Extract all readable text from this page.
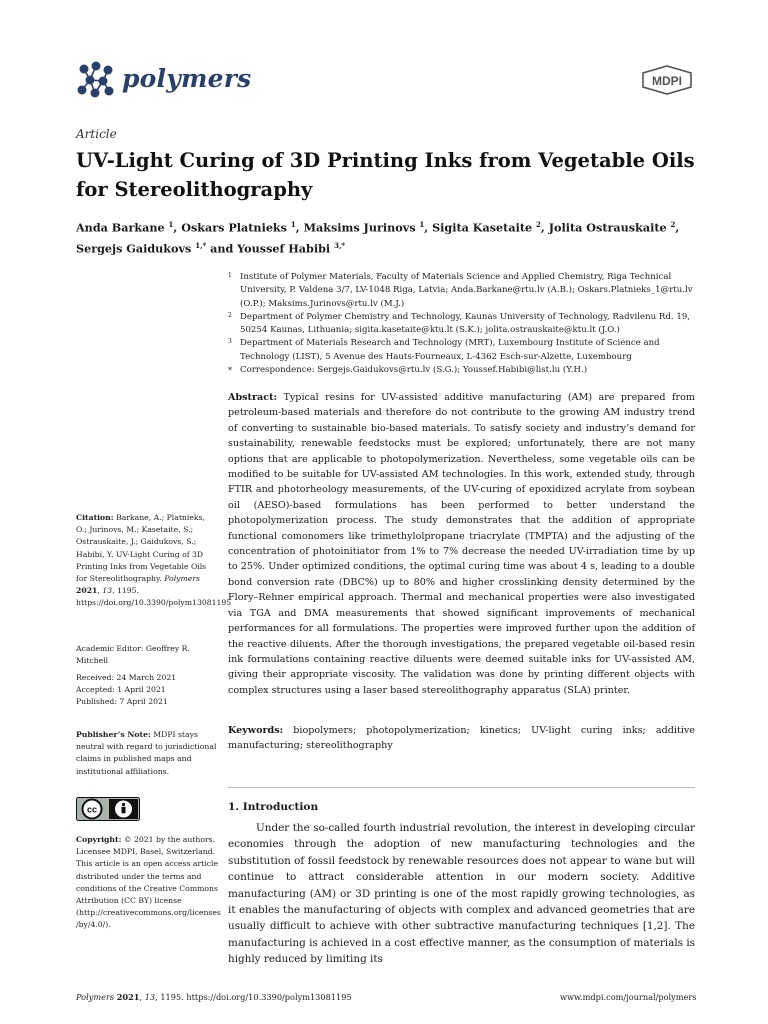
polymers	MDPI
Article
UV-Light Curing of 3D Printing Inks from Vegetable Oils for Stereolithography
Anda Barkane $^1$, Oskars Platnieks $^1$, Maksims Jurinovs $^1$, Sigita Kasetaite $^2$, Jolita Ostrauskaite $^2$,
Sergejs Gaidukovs $^{1,*}$ and Youssef Habibi $^{3,*}$
1 Institute of Polymer Materials, Faculty of Materials Science and Applied Chemistry, Riga Technical University, P. Valdena 3/7, LV-1048 Riga, Latvia; Anda.Barkane@rtu.lv (A.B.); Oskars.Platnieks_1@rtu.lv (O.P.); Maksims.Jurinovs@rtu.lv (M.J.)
2 Department of Polymer Chemistry and Technology, Kaunas University of Technology, Radvilenu Rd. 19, 50254 Kaunas, Lithuania; sigita.kasetaite@ktu.lt (S.K.); jolita.ostrauskaite@ktu.lt (J.O.)
3 Department of Materials Research and Technology (MRT), Luxembourg Institute of Science and Technology (LIST), 5 Avenue des Hauts-Fourneaux, L-4362 Esch-sur-Alzette, Luxembourg
* Correspondence: Sergejs.Gaidukovs@rtu.lv (S.G.); Youssef.Habibi@list.lu (Y.H.)
Abstract: Typical resins for UV-assisted additive manufacturing (AM) are prepared from petroleum-based materials and therefore do not contribute to the growing AM industry trend of converting to sustainable bio-based materials. To satisfy society and industry’s demand for sustainability, renewable feedstocks must be explored; unfortunately, there are not many options that are applicable to photopolymerization. Nevertheless, some vegetable oils can be modified to be suitable for UV-assisted AM technologies. In this work, extended study, through FTIR and photorheology measurements, of the UV-curing of epoxidized acrylate from soybean oil (AESO)-based formulations has been performed to better understand the photopolymerization process. The study demonstrates that the addition of appropriate functional comonomers like trimethylolpropane triacrylate (TMPTA) and the adjusting of the concentration of photoinitiator from 1% to 7% decrease the needed UV-irradiation time by up to 25%. Under optimized conditions, the optimal curing time was about 4 s, leading to a double bond conversion rate (DBC%) up to 80% and higher crosslinking density determined by the Flory–Rehner empirical approach. Thermal and mechanical properties were also investigated via TGA and DMA measurements that showed significant improvements of mechanical performances for all formulations. The properties were improved further upon the addition of the reactive diluents. After the thorough investigations, the prepared vegetable oil-based resin ink formulations containing reactive diluents were deemed suitable inks for UV-assisted AM, giving their appropriate viscosity. The validation was done by printing different objects with complex structures using a laser based stereolithography apparatus (SLA) printer.
Keywords: biopolymers; photopolymerization; kinetics; UV-light curing inks; additive manufacturing; stereolithography
Citation: Barkane, A.; Platnieks, O.; Jurinovs, M.; Kasetaite, S.; Ostrauskaite, J.; Gaidukovs, S.; Habibi, Y. UV-Light Curing of 3D Printing Inks from Vegetable Oils for Stereolithography. Polymers 2021, 13, 1195. https://doi.org/10.3390/polym13081195
Academic Editor: Geoffrey R. Mitchell
Received: 24 March 2021
Accepted: 1 April 2021
Published: 7 April 2021
Publisher’s Note: MDPI stays neutral with regard to jurisdictional claims in published maps and institutional affiliations.
cc
Copyright: © 2021 by the authors. Licensee MDPI, Basel, Switzerland. This article is an open access article distributed under the terms and conditions of the Creative Commons Attribution (CC BY) license (http://creativecommons.org/licenses /by/4.0/).
1. Introduction
Under the so-called fourth industrial revolution, the interest in developing circular economies through the adoption of new manufacturing technologies and the substitution of fossil feedstock by renewable resources does not appear to wane but will continue to attract considerable attention in our modern society. Additive manufacturing (AM) or 3D printing is one of the most rapidly growing technologies, as it enables the manufacturing of objects with complex and advanced geometries that are usually difficult to achieve with other subtractive manufacturing techniques [1,2]. The manufacturing is achieved in a cost effective manner, as the consumption of materials is highly reduced by limiting its
Polymers 2021, 13, 1195. https://doi.org/10.3390/polym13081195	www.mdpi.com/journal/polymers
